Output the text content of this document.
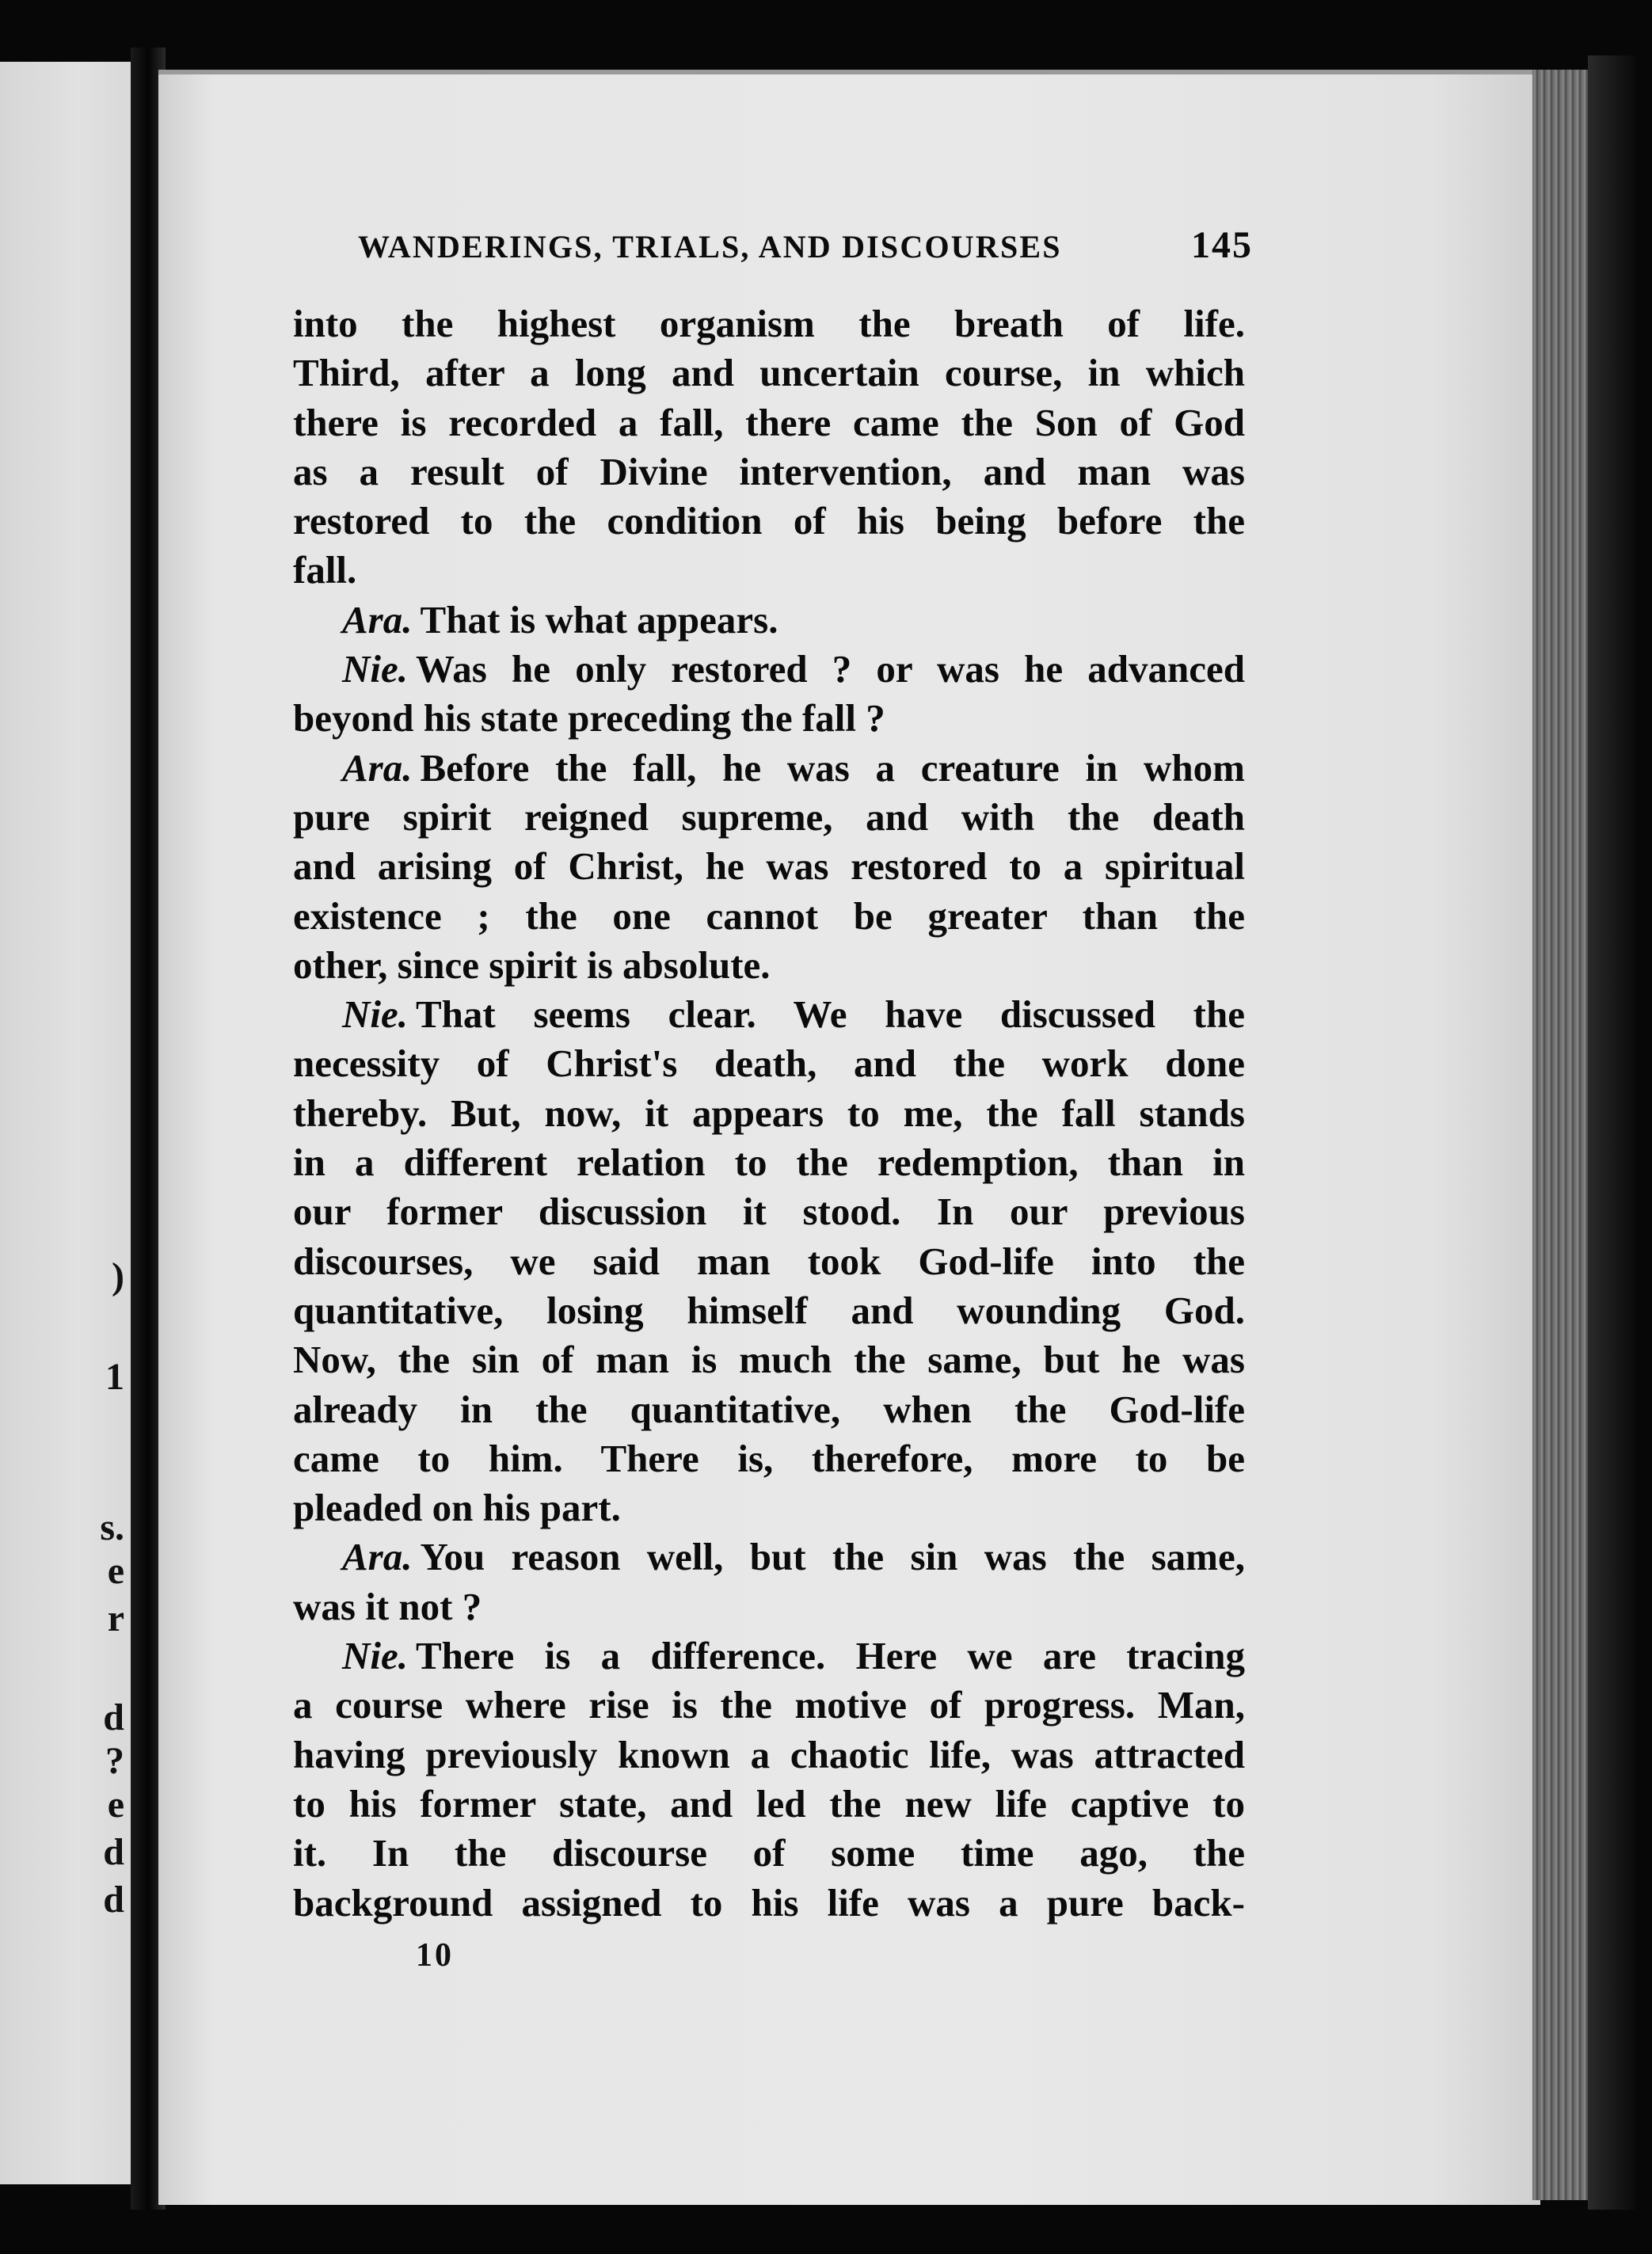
)
1
s.
e
r
d
?
e
d
d
WANDERINGS, TRIALS, AND DISCOURSES	145
into the highest organism the breath of life.
Third, after a long and uncertain course, in which
there is recorded a fall, there came the Son of God
as a result of Divine intervention, and man was
restored to the condition of his being before the
fall.
Ara. That is what appears.
Nie. Was he only restored ? or was he advanced
beyond his state preceding the fall ?
Ara. Before the fall, he was a creature in whom
pure spirit reigned supreme, and with the death
and arising of Christ, he was restored to a spiritual
existence ; the one cannot be greater than the
other, since spirit is absolute.
Nie. That seems clear. We have discussed the
necessity of Christ's death, and the work done
thereby. But, now, it appears to me, the fall stands
in a different relation to the redemption, than in
our former discussion it stood. In our previous
discourses, we said man took God-life into the
quantitative, losing himself and wounding God.
Now, the sin of man is much the same, but he was
already in the quantitative, when the God-life
came to him. There is, therefore, more to be
pleaded on his part.
Ara. You reason well, but the sin was the same,
was it not ?
Nie. There is a difference. Here we are tracing
a course where rise is the motive of progress. Man,
having previously known a chaotic life, was attracted
to his former state, and led the new life captive to
it. In the discourse of some time ago, the
background assigned to his life was a pure back-
10
